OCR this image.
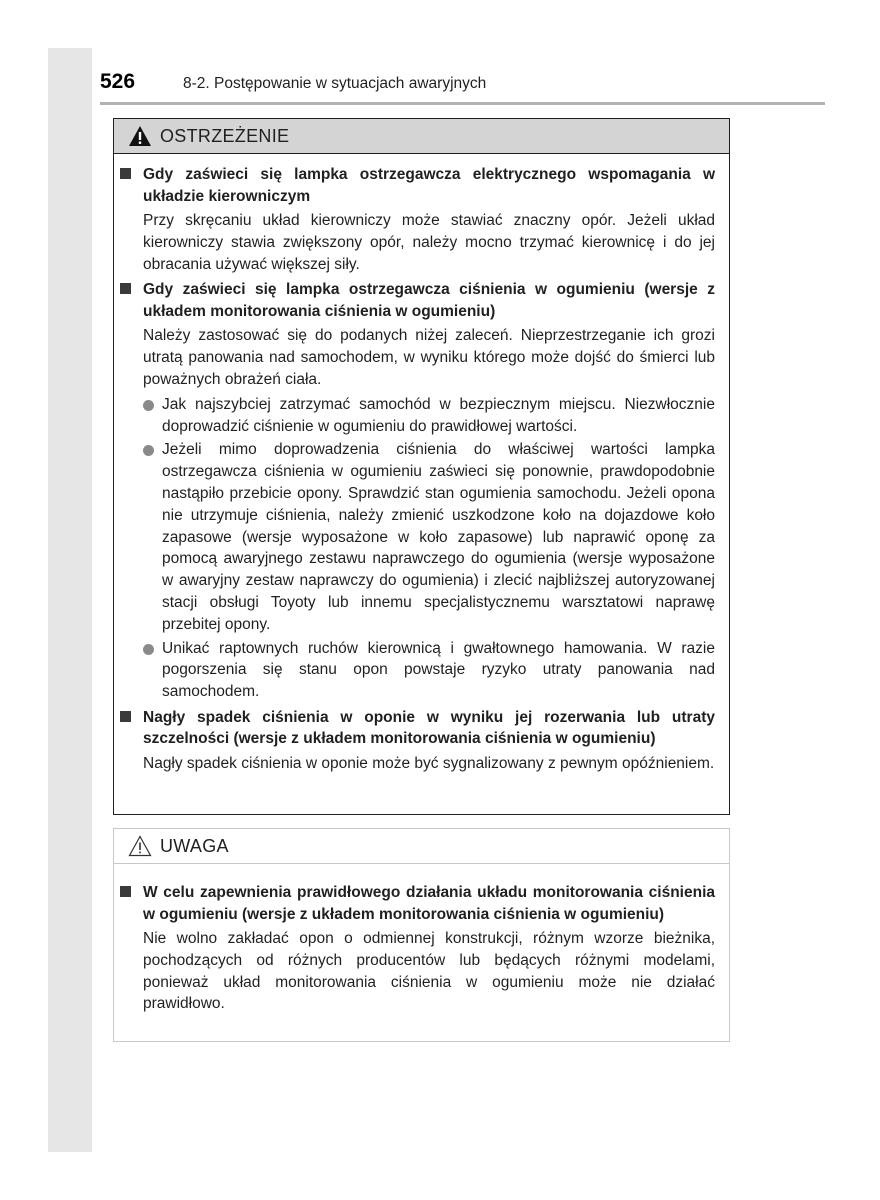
526	8-2. Postępowanie w sytuacjach awaryjnych
OSTRZEŻENIE
Gdy zaświeci się lampka ostrzegawcza elektrycznego wspomagania w układzie kierowniczym
Przy skręcaniu układ kierowniczy może stawiać znaczny opór. Jeżeli układ kierowniczy stawia zwiększony opór, należy mocno trzymać kierownicę i do jej obracania używać większej siły.
Gdy zaświeci się lampka ostrzegawcza ciśnienia w ogumieniu (wersje z układem monitorowania ciśnienia w ogumieniu)
Należy zastosować się do podanych niżej zaleceń. Nieprzestrzeganie ich grozi utratą panowania nad samochodem, w wyniku którego może dojść do śmierci lub poważnych obrażeń ciała.
Jak najszybciej zatrzymać samochód w bezpiecznym miejscu. Niezwłocznie doprowadzić ciśnienie w ogumieniu do prawidłowej wartości.
Jeżeli mimo doprowadzenia ciśnienia do właściwej wartości lampka ostrzegawcza ciśnienia w ogumieniu zaświeci się ponownie, prawdopodobnie nastąpiło przebicie opony. Sprawdzić stan ogumienia samochodu. Jeżeli opona nie utrzymuje ciśnienia, należy zmienić uszkodzone koło na dojazdowe koło zapasowe (wersje wyposażone w koło zapasowe) lub naprawić oponę za pomocą awaryjnego zestawu naprawczego do ogumienia (wersje wyposażone w awaryjny zestaw naprawczy do ogumienia) i zlecić najbliższej autoryzowanej stacji obsługi Toyoty lub innemu specjalistycznemu warsztatowi naprawę przebitej opony.
Unikać raptownych ruchów kierownicą i gwałtownego hamowania. W razie pogorszenia się stanu opon powstaje ryzyko utraty panowania nad samochodem.
Nagły spadek ciśnienia w oponie w wyniku jej rozerwania lub utraty szczelności (wersje z układem monitorowania ciśnienia w ogumieniu)
Nagły spadek ciśnienia w oponie może być sygnalizowany z pewnym opóźnieniem.
UWAGA
W celu zapewnienia prawidłowego działania układu monitorowania ciśnienia w ogumieniu (wersje z układem monitorowania ciśnienia w ogumieniu)
Nie wolno zakładać opon o odmiennej konstrukcji, różnym wzorze bieżnika, pochodzących od różnych producentów lub będących różnymi modelami, ponieważ układ monitorowania ciśnienia w ogumieniu może nie działać prawidłowo.
